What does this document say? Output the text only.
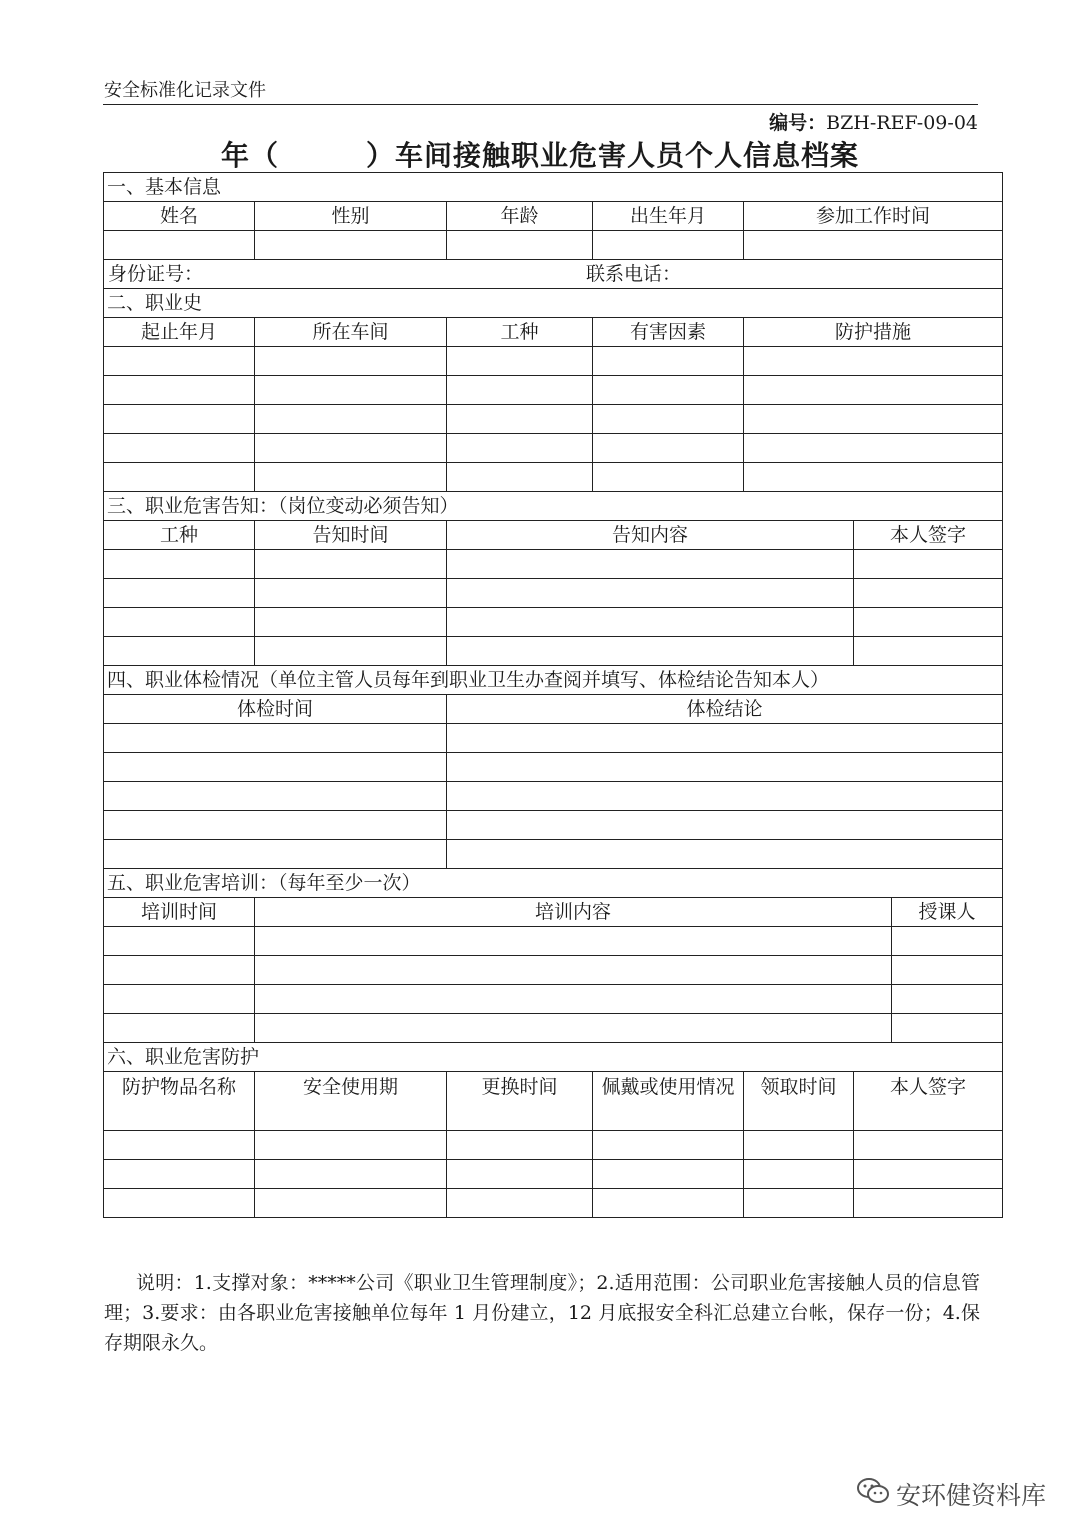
安全标准化记录文件
编号：BZH-REF-09-04
年（　　　）车间接触职业危害人员个人信息档案
一、基本信息						
姓名	性别	年龄	出生年月	参加工作时间		

身份证号： 联系电话：						

二、职业史						
起止年月	所在车间	工种	有害因素	防护措施		

三、职业危害告知：（岗位变动必须告知）						
工种	告知时间	告知内容			本人签字	

四、职业体检情况（单位主管人员每年到职业卫生办查阅并填写、体检结论告知本人）						
体检时间		体检结论				

五、职业危害培训：（每年至少一次）						
培训时间	培训内容					授课人

六、职业危害防护						
防护物品名称	安全使用期	更换时间	佩戴或使用情况	领取时间	本人签字	

说明：1.支撑对象：*****公司《职业卫生管理制度》；2.适用范围：公司职业危害接触人员的信息管理；3.要求：由各职业危害接触单位每年 1 月份建立，12 月底报安全科汇总建立台帐，保存一份；4.保存期限永久。
安环健资料库
